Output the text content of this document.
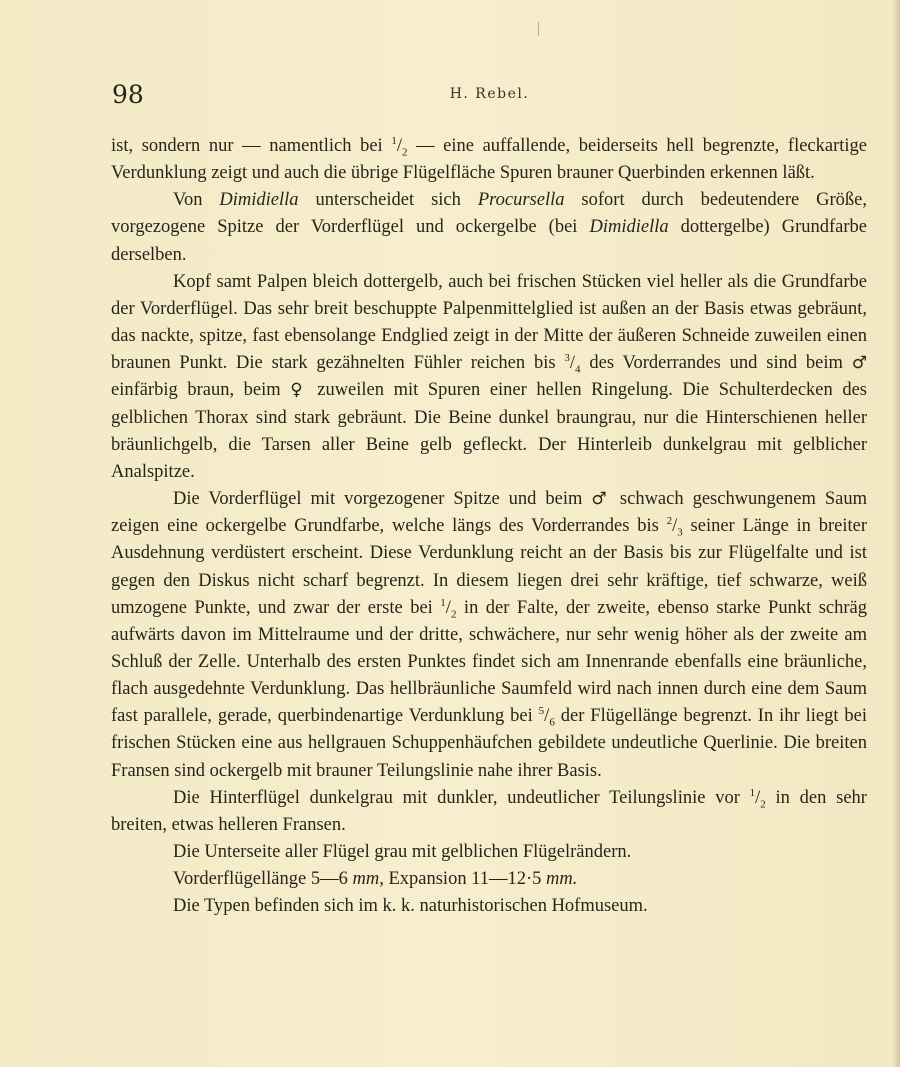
98	H. Rebel.

ist, sondern nur — namentlich bei $^1/_2$ — eine auffallende, beiderseits hell begrenzte, fleckartige Verdunklung zeigt und auch die übrige Flügelfläche Spuren brauner Querbinden erkennen läßt.

Von Dimidiella unterscheidet sich Procursella sofort durch bedeutendere Größe, vorgezogene Spitze der Vorderflügel und ockergelbe (bei Dimidiella dottergelbe) Grundfarbe derselben.

Kopf samt Palpen bleich dottergelb, auch bei frischen Stücken viel heller als die Grundfarbe der Vorderflügel. Das sehr breit beschuppte Palpenmittelglied ist außen an der Basis etwas gebräunt, das nackte, spitze, fast ebensolange Endglied zeigt in der Mitte der äußeren Schneide zuweilen einen braunen Punkt. Die stark gezähnelten Fühler reichen bis $^3/_4$ des Vorderrandes und sind beim ♂ einfärbig braun, beim ♀ zuweilen mit Spuren einer hellen Ringelung. Die Schulterdecken des gelblichen Thorax sind stark gebräunt. Die Beine dunkel braungrau, nur die Hinterschienen heller bräunlichgelb, die Tarsen aller Beine gelb gefleckt. Der Hinterleib dunkelgrau mit gelblicher Analspitze.

Die Vorderflügel mit vorgezogener Spitze und beim ♂ schwach geschwungenem Saum zeigen eine ockergelbe Grundfarbe, welche längs des Vorderrandes bis $^2/_3$ seiner Länge in breiter Ausdehnung verdüstert erscheint. Diese Verdunklung reicht an der Basis bis zur Flügelfalte und ist gegen den Diskus nicht scharf begrenzt. In diesem liegen drei sehr kräftige, tief schwarze, weiß umzogene Punkte, und zwar der erste bei $^1/_2$ in der Falte, der zweite, ebenso starke Punkt schräg aufwärts davon im Mittelraume und der dritte, schwächere, nur sehr wenig höher als der zweite am Schluß der Zelle. Unterhalb des ersten Punktes findet sich am Innenrande ebenfalls eine bräunliche, flach ausgedehnte Verdunklung. Das hellbräunliche Saumfeld wird nach innen durch eine dem Saum fast parallele, gerade, querbindenartige Verdunklung bei $^5/_6$ der Flügellänge begrenzt. In ihr liegt bei frischen Stücken eine aus hellgrauen Schuppenhäufchen gebildete undeutliche Querlinie. Die breiten Fransen sind ockergelb mit brauner Teilungslinie nahe ihrer Basis.

Die Hinterflügel dunkelgrau mit dunkler, undeutlicher Teilungslinie vor $^1/_2$ in den sehr breiten, etwas helleren Fransen.

Die Unterseite aller Flügel grau mit gelblichen Flügelrändern.

Vorderflügellänge 5—6 mm, Expansion 11—12·5 mm.

Die Typen befinden sich im k. k. naturhistorischen Hofmuseum.
